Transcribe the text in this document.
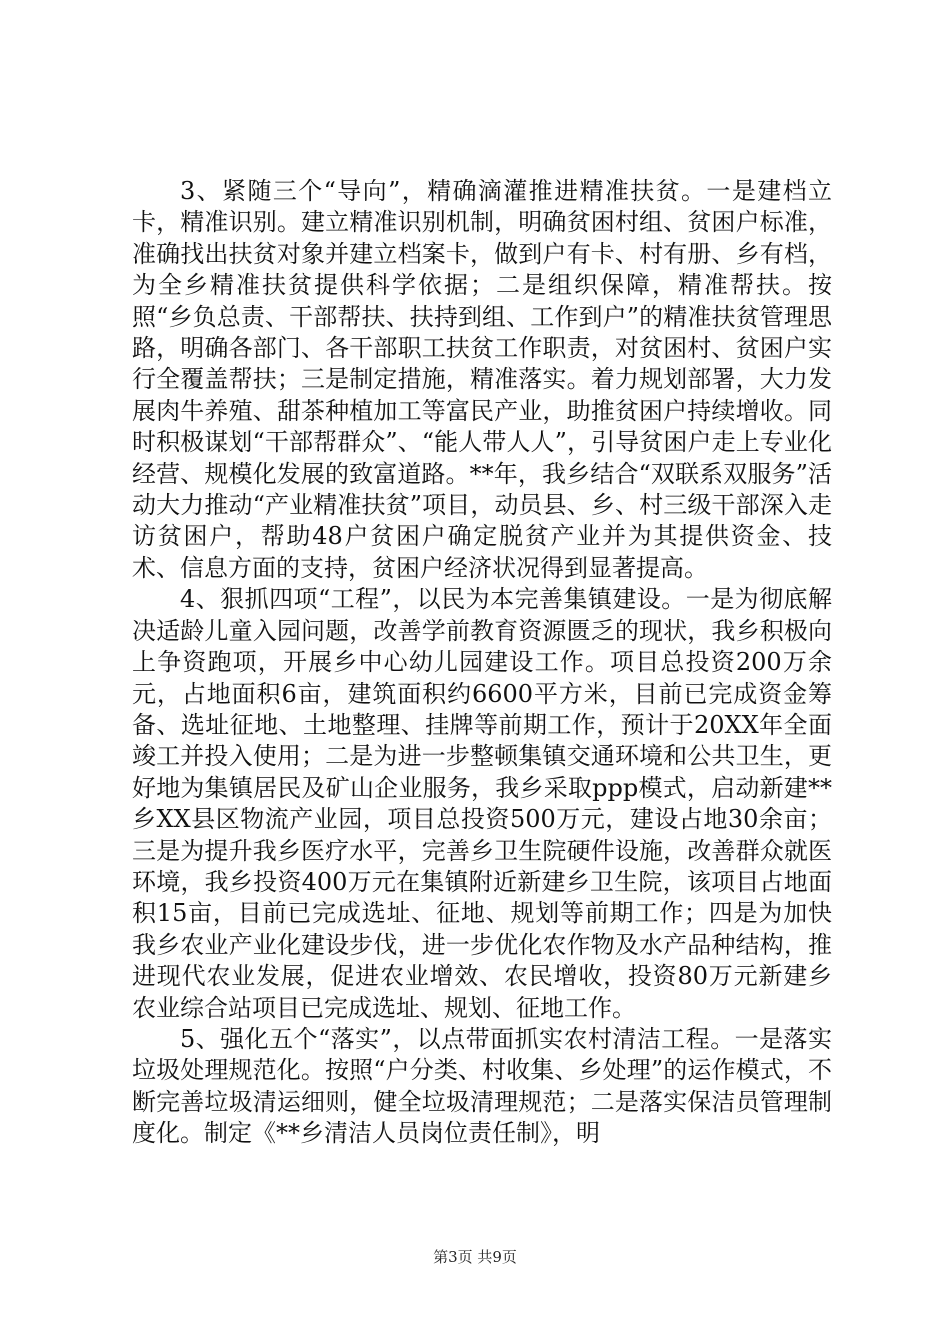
3、紧随三个“导向”，精确滴灌推进精准扶贫。一是建档立卡，精准识别。建立精准识别机制，明确贫困村组、贫困户标准，准确找出扶贫对象并建立档案卡，做到户有卡、村有册、乡有档，为全乡精准扶贫提供科学依据；二是组织保障，精准帮扶。按照“乡负总责、干部帮扶、扶持到组、工作到户”的精准扶贫管理思路，明确各部门、各干部职工扶贫工作职责，对贫困村、贫困户实行全覆盖帮扶；三是制定措施，精准落实。着力规划部署，大力发展肉牛养殖、甜茶种植加工等富民产业，助推贫困户持续增收。同时积极谋划“干部帮群众”、“能人带人人”，引导贫困户走上专业化经营、规模化发展的致富道路。**年，我乡结合“双联系双服务”活动大力推动“产业精准扶贫”项目，动员县、乡、村三级干部深入走访贫困户，帮助48户贫困户确定脱贫产业并为其提供资金、技术、信息方面的支持，贫困户经济状况得到显著提高。

4、狠抓四项“工程”，以民为本完善集镇建设。一是为彻底解决适龄儿童入园问题，改善学前教育资源匮乏的现状，我乡积极向上争资跑项，开展乡中心幼儿园建设工作。项目总投资200万余元，占地面积6亩，建筑面积约6600平方米，目前已完成资金筹备、选址征地、土地整理、挂牌等前期工作，预计于20XX年全面竣工并投入使用；二是为进一步整顿集镇交通环境和公共卫生，更好地为集镇居民及矿山企业服务，我乡采取ppp模式，启动新建**乡XX县区物流产业园，项目总投资500万元，建设占地30余亩；三是为提升我乡医疗水平，完善乡卫生院硬件设施，改善群众就医环境，我乡投资400万元在集镇附近新建乡卫生院，该项目占地面积15亩，目前已完成选址、征地、规划等前期工作；四是为加快我乡农业产业化建设步伐，进一步优化农作物及水产品种结构，推进现代农业发展，促进农业增效、农民增收，投资80万元新建乡农业综合站项目已完成选址、规划、征地工作。

5、强化五个“落实”，以点带面抓实农村清洁工程。一是落实垃圾处理规范化。按照“户分类、村收集、乡处理”的运作模式，不断完善垃圾清运细则，健全垃圾清理规范；二是落实保洁员管理制度化。制定《**乡清洁人员岗位责任制》，明

第3页 共9页
